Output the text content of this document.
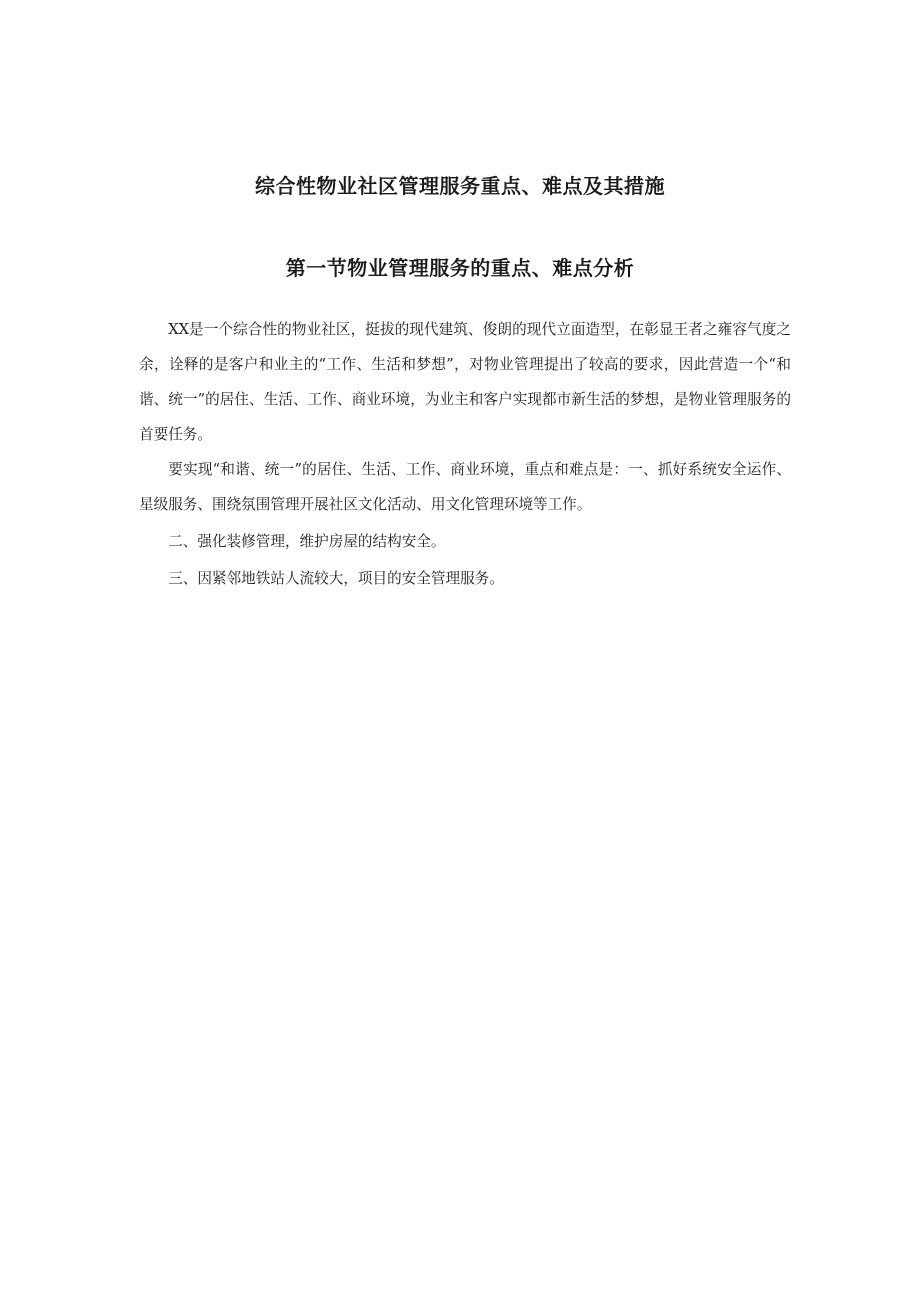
综合性物业社区管理服务重点、难点及其措施
第一节物业管理服务的重点、难点分析

XX是一个综合性的物业社区，挺拔的现代建筑、俊朗的现代立面造型，在彰显王者之雍容气度之余，诠释的是客户和业主的“工作、生活和梦想”，对物业管理提出了较高的要求，因此营造一个“和谐、统一”的居住、生活、工作、商业环境，为业主和客户实现都市新生活的梦想，是物业管理服务的首要任务。

要实现“和谐、统一”的居住、生活、工作、商业环境，重点和难点是：一、抓好系统安全运作、星级服务、围绕氛围管理开展社区文化活动、用文化管理环境等工作。

二、强化装修管理，维护房屋的结构安全。

三、因紧邻地铁站人流较大，项目的安全管理服务。
